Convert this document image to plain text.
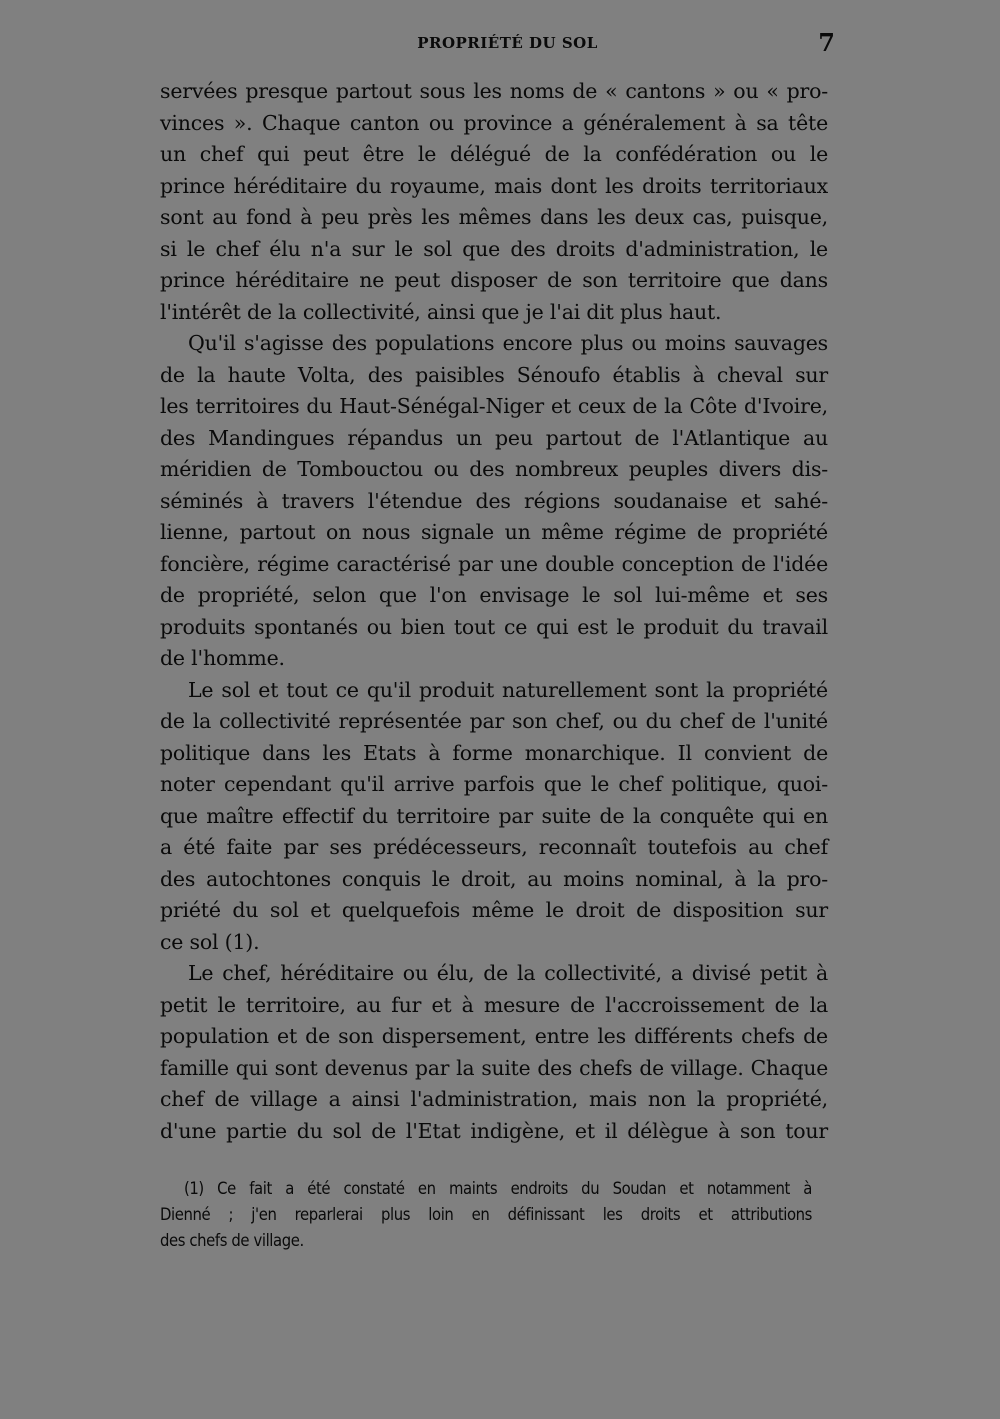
PROPRIÉTÉ DU SOL	7
servées presque partout sous les noms de « cantons » ou « pro-
vinces ». Chaque canton ou province a généralement à sa tête
un chef qui peut être le délégué de la confédération ou le
prince héréditaire du royaume, mais dont les droits territoriaux
sont au fond à peu près les mêmes dans les deux cas, puisque,
si le chef élu n'a sur le sol que des droits d'administration, le
prince héréditaire ne peut disposer de son territoire que dans
l'intérêt de la collectivité, ainsi que je l'ai dit plus haut.
Qu'il s'agisse des populations encore plus ou moins sauvages
de la haute Volta, des paisibles Sénoufo établis à cheval sur
les territoires du Haut-Sénégal-Niger et ceux de la Côte d'Ivoire,
des Mandingues répandus un peu partout de l'Atlantique au
méridien de Tombouctou ou des nombreux peuples divers dis-
séminés à travers l'étendue des régions soudanaise et sahé-
lienne, partout on nous signale un même régime de propriété
foncière, régime caractérisé par une double conception de l'idée
de propriété, selon que l'on envisage le sol lui-même et ses
produits spontanés ou bien tout ce qui est le produit du travail
de l'homme.
Le sol et tout ce qu'il produit naturellement sont la propriété
de la collectivité représentée par son chef, ou du chef de l'unité
politique dans les Etats à forme monarchique. Il convient de
noter cependant qu'il arrive parfois que le chef politique, quoi-
que maître effectif du territoire par suite de la conquête qui en
a été faite par ses prédécesseurs, reconnaît toutefois au chef
des autochtones conquis le droit, au moins nominal, à la pro-
priété du sol et quelquefois même le droit de disposition sur
ce sol (1).
Le chef, héréditaire ou élu, de la collectivité, a divisé petit à
petit le territoire, au fur et à mesure de l'accroissement de la
population et de son dispersement, entre les différents chefs de
famille qui sont devenus par la suite des chefs de village. Chaque
chef de village a ainsi l'administration, mais non la propriété,
d'une partie du sol de l'Etat indigène, et il délègue à son tour
(1) Ce fait a été constaté en maints endroits du Soudan et notamment à
Dienné ; j'en reparlerai plus loin en définissant les droits et attributions
des chefs de village.
